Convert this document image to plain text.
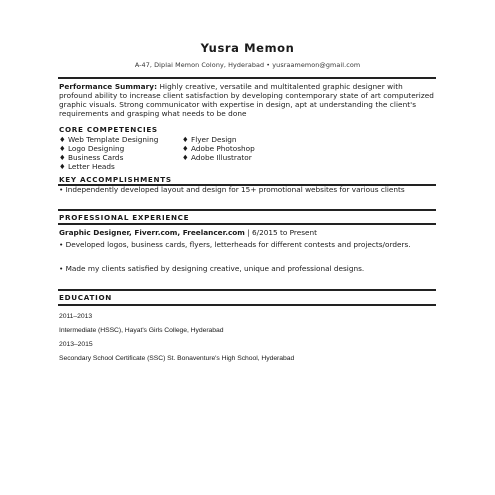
Yusra Memon
A-47, Diplai Memon Colony, Hyderabad • yusraamemon@gmail.com
Performance Summary: Highly creative, versatile and multitalented graphic designer with profound ability to increase client satisfaction by developing contemporary state of art computerized graphic visuals. Strong communicator with expertise in design, apt at understanding the client's requirements and grasping what needs to be done
CORE COMPETENCIES
♦ Web Template Designing
♦ Logo Designing
♦ Business Cards
♦ Letter Heads
♦ Flyer Design
♦ Adobe Photoshop
♦ Adobe Illustrator
KEY ACCOMPLISHMENTS
• Independently developed layout and design for 15+ promotional websites for various clients
PROFESSIONAL EXPERIENCE
Graphic Designer, Fiverr.com, Freelancer.com | 6/2015 to Present
• Developed logos, business cards, flyers, letterheads for different contests and projects/orders.
• Made my clients satisfied by designing creative, unique and professional designs.
EDUCATION
2011–2013
Intermediate (HSSC), Hayat's Girls College, Hyderabad
2013–2015
Secondary School Certificate (SSC) St. Bonaventure's High School, Hyderabad
